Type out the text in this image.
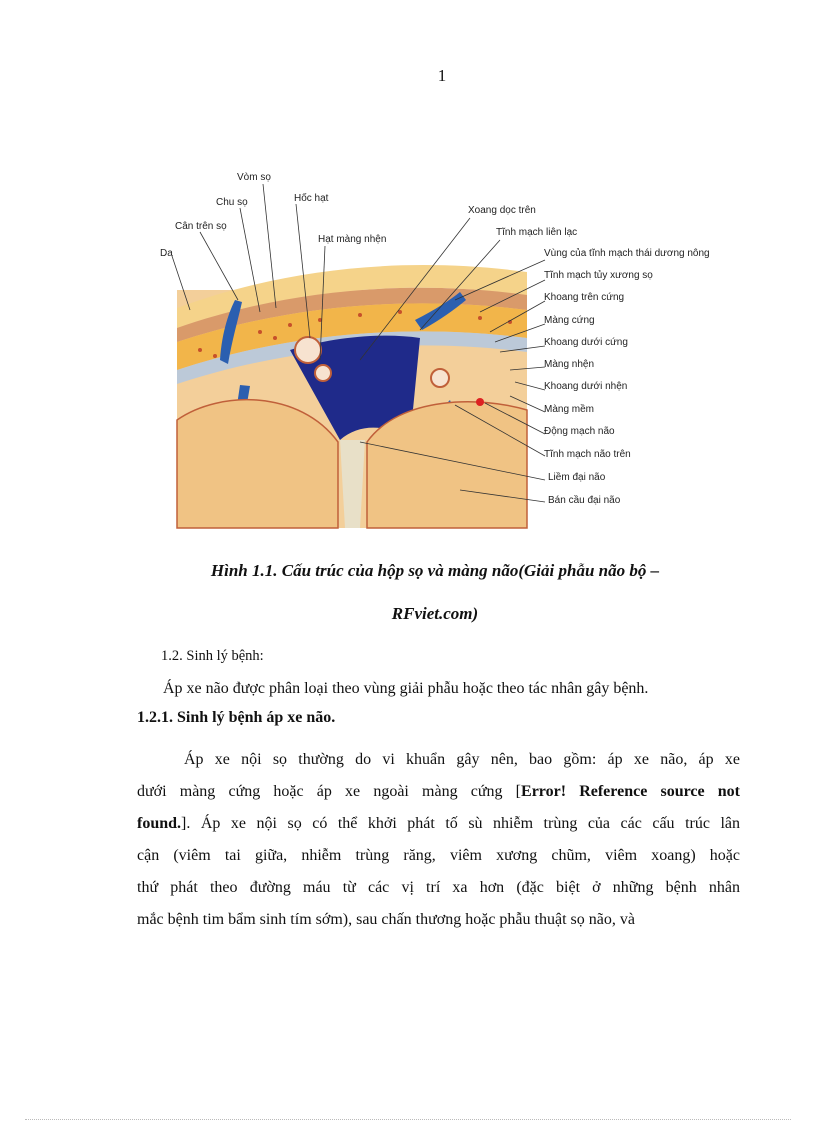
1
Da
Cân trên sọ
Chu sọ
Vòm sọ
Hốc hạt
Hạt màng nhện
Xoang dọc trên
Tĩnh mạch liên lạc
Vùng của tĩnh mạch thái dương nông
Tĩnh mạch tủy xương sọ
Khoang trên cứng
Màng cứng
Khoang dưới cứng
Màng nhện
Khoang dưới nhện
Màng mềm
Động mạch não
Tĩnh mạch não trên
Liềm đại não
Bán cầu đại não
Hình 1.1. Cấu trúc của hộp sọ và màng não(Giải phẫu não bộ –
RFviet.com)
1.2. Sinh lý bệnh:
Áp xe não được phân loại theo vùng giải phẫu hoặc theo tác nhân gây bệnh.
1.2.1. Sinh lý bệnh áp xe não.
Áp xe nội sọ thường do vi khuẩn gây nên, bao gồm: áp xe não, áp xe
dưới màng cứng hoặc áp xe ngoài màng cứng [Error! Reference source not
found.]. Áp xe nội sọ có thể khởi phát tố sù nhiễm trùng của các cấu trúc lân
cận (viêm tai giữa, nhiễm trùng răng, viêm xương chũm, viêm xoang) hoặc
thứ phát theo đường máu từ các vị trí xa hơn (đặc biệt ở những bệnh nhân
mắc bệnh tim bẩm sinh tím sớm), sau chấn thương hoặc phẫu thuật sọ não, và
